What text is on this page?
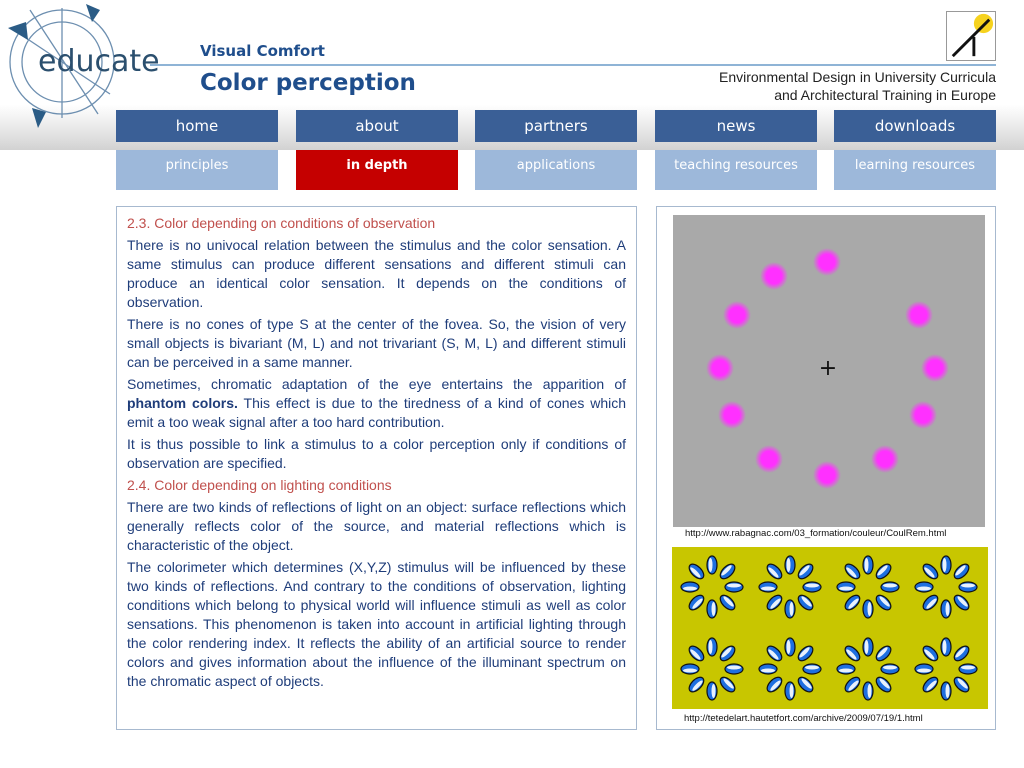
educate	Visual Comfort
Color perception	Environmental Design in University Curricula
and Architectural Training in Europe
home	about	partners	news	downloads
principles	in depth	applications	teaching resources	learning resources
2.3. Color depending on conditions of observation
There is no univocal relation between the stimulus and the color sensation. A same stimulus can produce different sensations and different stimuli can produce an identical color sensation. It depends on the conditions of observation.
There is no cones of type S at the center of the fovea. So, the vision of very small objects is bivariant (M, L) and not trivariant (S, M, L) and different stimuli can be perceived in a same manner.
Sometimes, chromatic adaptation of the eye entertains the apparition of phantom colors. This effect is due to the tiredness of a kind of cones which emit a too weak signal after a too hard contribution.
It is thus possible to link a stimulus to a color perception only if conditions of observation are specified.
2.4. Color depending on lighting conditions
There are two kinds of reflections of light on an object: surface reflections which generally reflects color of the source, and material reflections which is characteristic of the object.
The colorimeter which determines (X,Y,Z) stimulus will be influenced by these two kinds of reflections. And contrary to the conditions of observation, lighting conditions which belong to physical world will influence stimuli as well as color sensations. This phenomenon is taken into account in artificial lighting through the color rendering index. It reflects the ability of an artificial source to render colors and gives information about the influence of the illuminant spectrum on the chromatic aspect of objects.
+
http://www.rabagnac.com/03_formation/couleur/CoulRem.html
http://tetedelart.hautetfort.com/archive/2009/07/19/1.html
